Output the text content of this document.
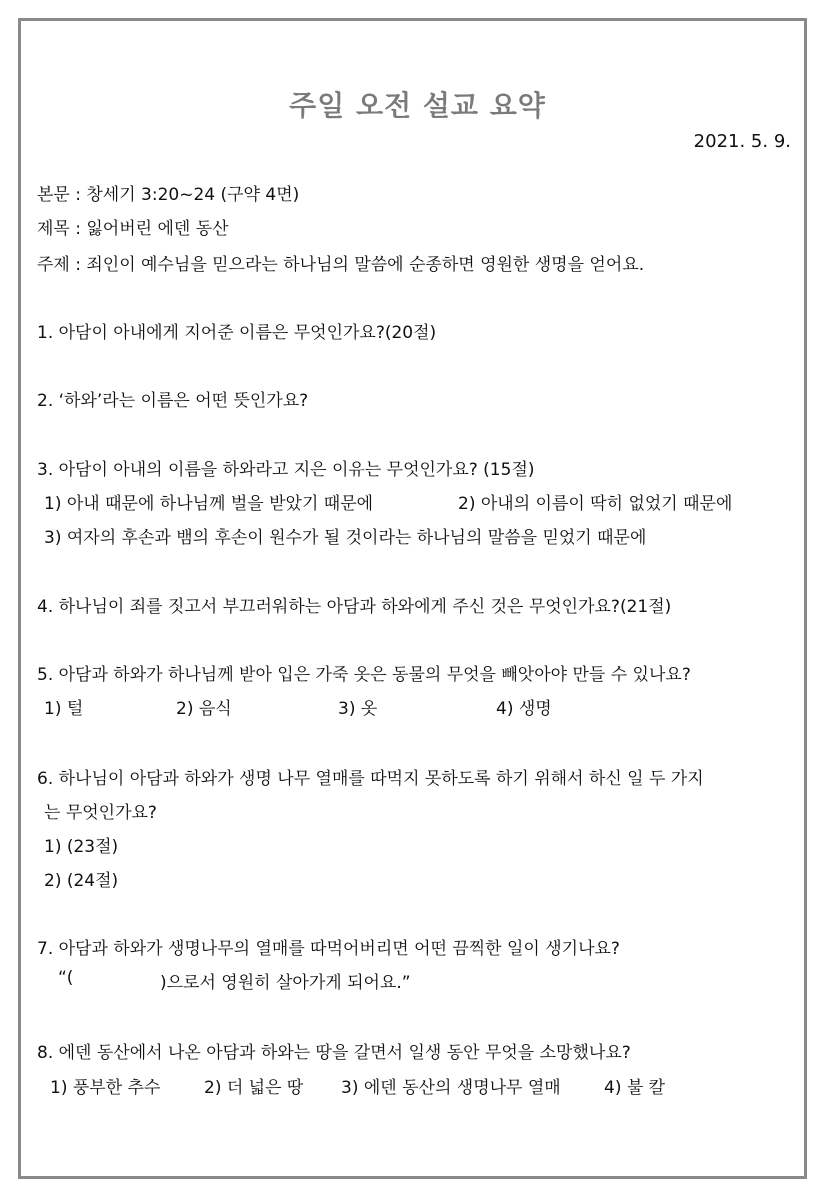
주일 오전 설교 요약
2021. 5. 9.
본문 : 창세기 3:20~24 (구약 4면)
제목 : 잃어버린 에덴 동산
주제 : 죄인이 예수님을 믿으라는 하나님의 말씀에 순종하면 영원한 생명을 얻어요.
1. 아담이 아내에게 지어준 이름은 무엇인가요?(20절)
2. ‘하와’라는 이름은 어떤 뜻인가요?
3. 아담이 아내의 이름을 하와라고 지은 이유는 무엇인가요? (15절)
1) 아내 때문에 하나님께 벌을 받았기 때문에	2) 아내의 이름이 딱히 없었기 때문에
3) 여자의 후손과 뱀의 후손이 원수가 될 것이라는 하나님의 말씀을 믿었기 때문에
4. 하나님이 죄를 짓고서 부끄러워하는 아담과 하와에게 주신 것은 무엇인가요?(21절)
5. 아담과 하와가 하나님께 받아 입은 가죽 옷은 동물의 무엇을 빼앗아야 만들 수 있나요?
1) 털	2) 음식	3) 옷	4) 생명
6. 하나님이 아담과 하와가 생명 나무 열매를 따먹지 못하도록 하기 위해서 하신 일 두 가지
는 무엇인가요?
1) (23절)
2) (24절)
7. 아담과 하와가 생명나무의 열매를 따먹어버리면 어떤 끔찍한 일이 생기나요?
“(	)으로서 영원히 살아가게 되어요.”
8. 에덴 동산에서 나온 아담과 하와는 땅을 갈면서 일생 동안 무엇을 소망했나요?
1) 풍부한 추수	2) 더 넓은 땅 3) 에덴 동산의 생명나무 열매	4) 불 칼
